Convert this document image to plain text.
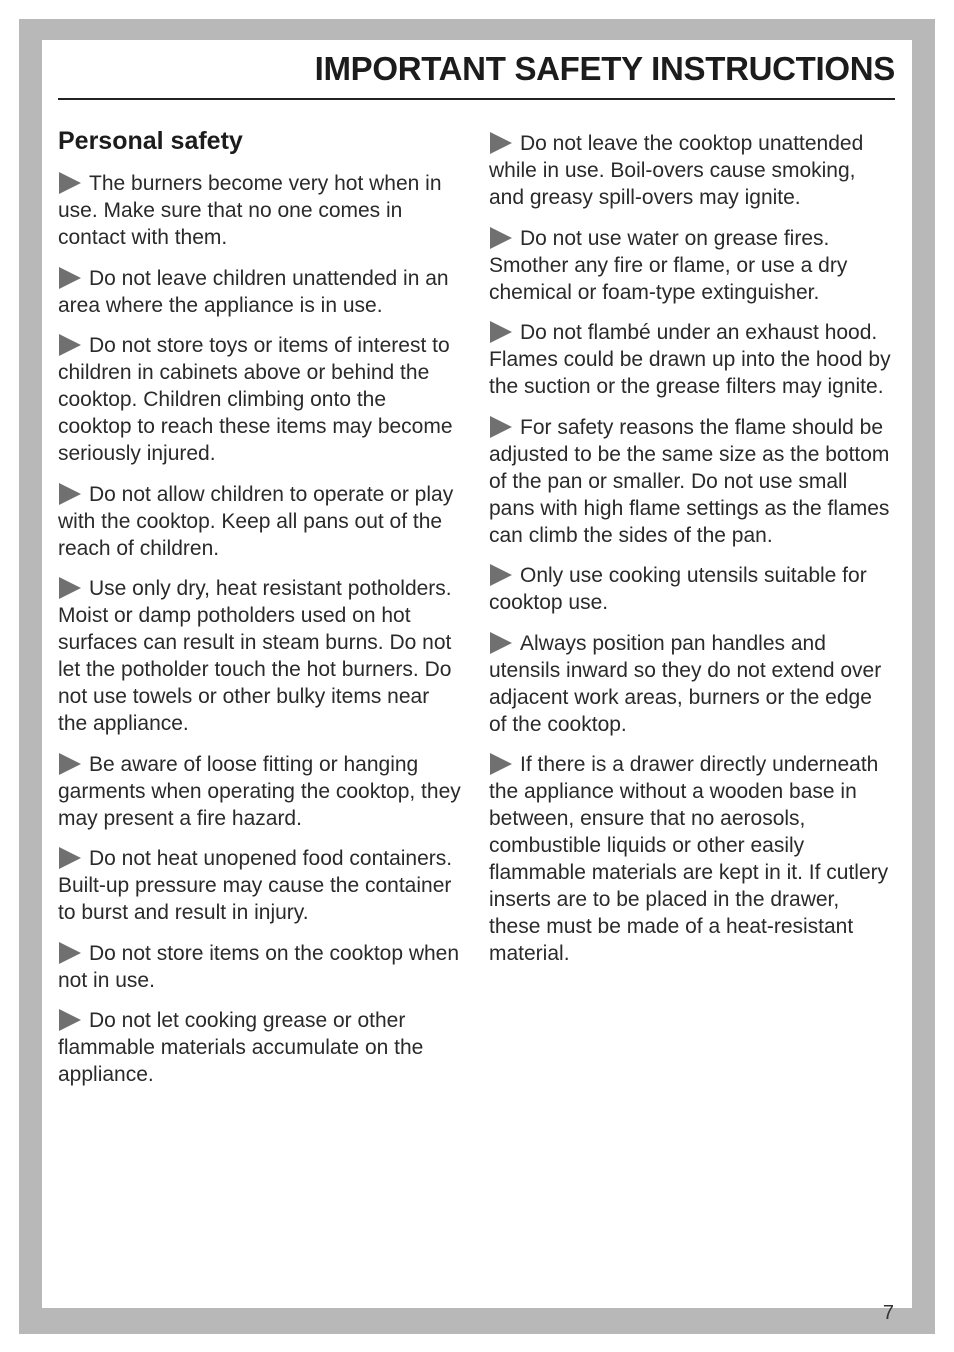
IMPORTANT SAFETY INSTRUCTIONS
Personal safety
The burners become very hot when in use. Make sure that no one comes in contact with them.
Do not leave children unattended in an area where the appliance is in use.
Do not store toys or items of interest to children in cabinets above or behind the cooktop. Children climbing onto the cooktop to reach these items may become seriously injured.
Do not allow children to operate or play with the cooktop. Keep all pans out of the reach of children.
Use only dry, heat resistant potholders. Moist or damp potholders used on hot surfaces can result in steam burns. Do not let the potholder touch the hot burners. Do not use towels or other bulky items near the appliance.
Be aware of loose fitting or hanging garments when operating the cooktop, they may present a fire hazard.
Do not heat unopened food containers. Built-up pressure may cause the container to burst and result in injury.
Do not store items on the cooktop when not in use.
Do not let cooking grease or other flammable materials accumulate on the appliance.
Do not leave the cooktop unattended while in use. Boil-overs cause smoking, and greasy spill-overs may ignite.
Do not use water on grease fires. Smother any fire or flame, or use a dry chemical or foam-type extinguisher.
Do not flambé under an exhaust hood. Flames could be drawn up into the hood by the suction or the grease filters may ignite.
For safety reasons the flame should be adjusted to be the same size as the bottom of the pan or smaller. Do not use small pans with high flame settings as the flames can climb the sides of the pan.
Only use cooking utensils suitable for cooktop use.
Always position pan handles and utensils inward so they do not extend over adjacent work areas, burners or the edge of the cooktop.
If there is a drawer directly underneath the appliance without a wooden base in between, ensure that no aerosols, combustible liquids or other easily flammable materials are kept in it. If cutlery inserts are to be placed in the drawer, these must be made of a heat-resistant material.
7
